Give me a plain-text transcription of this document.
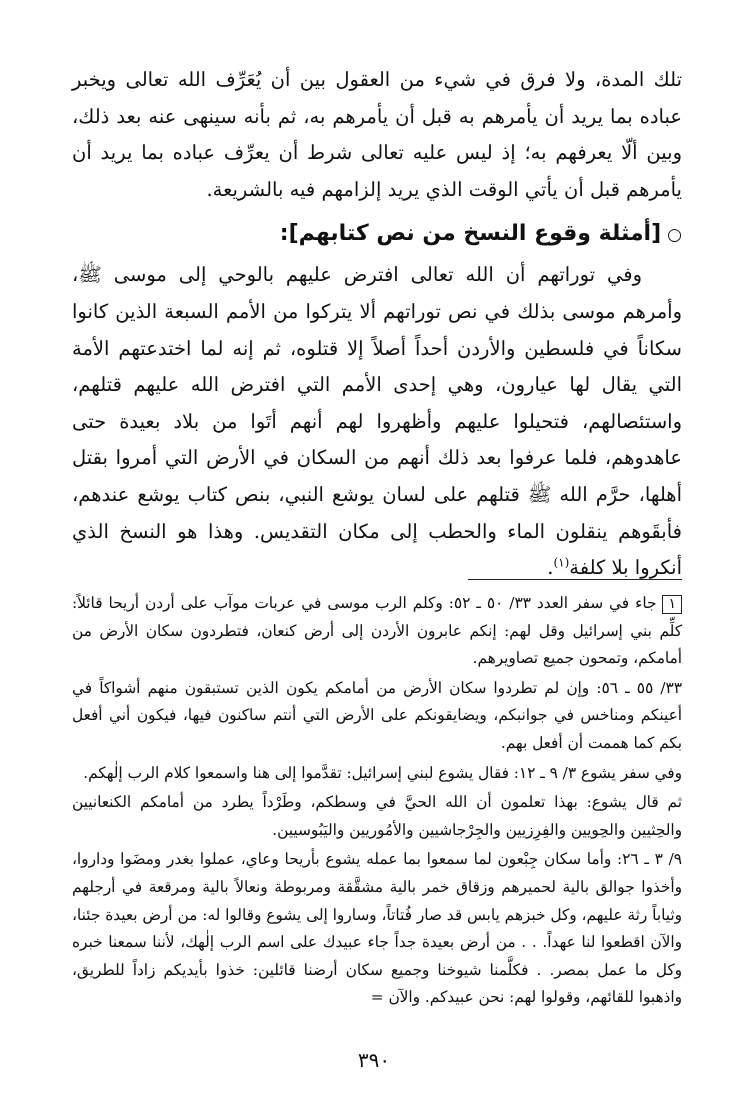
تلك المدة، ولا فرق في شيء من العقول بين أن يُعَرِّف الله تعالى ويخبر عباده بما يريد أن يأمرهم به قبل أن يأمرهم به، ثم بأنه سينهى عنه بعد ذلك، وبين ألّا يعرفهم به؛ إذ ليس عليه تعالى شرط أن يعرِّف عباده بما يريد أن يأمرهم قبل أن يأتي الوقت الذي يريد إلزامهم فيه بالشريعة.

○[أمثلة وقوع النسخ من نص كتابهم]:

وفي توراتهم أن الله تعالى افترض عليهم بالوحي إلى موسى ﷺ، وأمرهم موسى بذلك في نص توراتهم ألا يتركوا من الأمم السبعة الذين كانوا سكاناً في فلسطين والأردن أحداً أصلاً إلا قتلوه، ثم إنه لما اختدعتهم الأمة التي يقال لها عيارون، وهي إحدى الأمم التي افترض الله عليهم قتلهم، واستئصالهم، فتحيلوا عليهم وأظهروا لهم أنهم أتَوا من بلاد بعيدة حتى عاهدوهم، فلما عرفوا بعد ذلك أنهم من السكان في الأرض التي أمروا بقتل أهلها، حرَّم الله ﷺ قتلهم على لسان يوشع النبي، بنص كتاب يوشع عندهم، فأبقَوهم ينقلون الماء والحطب إلى مكان التقديس. وهذا هو النسخ الذي أنكروا بلا كلفة$^{(١)}$.

١جاء في سفر العدد ٣٣/ ٥٠ ـ ٥٢: وكلم الرب موسى في عربات موآب على أردن أريحا قائلاً: كلِّم بني إسرائيل وقل لهم: إنكم عابرون الأردن إلى أرض كنعان، فتطردون سكان الأرض من أمامكم، وتمحون جميع تصاويرهم.

٣٣/ ٥٥ ـ ٥٦: وإن لم تطردوا سكان الأرض من أمامكم يكون الذين تستبقون منهم أشواكاً في أعينكم ومناخس في جوانبكم، ويضايقونكم على الأرض التي أنتم ساكنون فيها، فيكون أني أفعل بكم كما هممت أن أفعل بهم.

وفي سفر يشوع ٣/ ٩ ـ ١٢: فقال يشوع لبني إسرائيل: تقدَّموا إلى هنا واسمعوا كلام الرب إلٰهكم.

ثم قال يشوع: بهذا تعلمون أن الله الحيَّ في وسطكم، وطَرْداً يطرد من أمامكم الكنعانيين والحِثيين والحِويين والفِرِزيين والجِرْجاشيين والأمُوريين واليَبُوسيين.

٩/ ٣ ـ ٢٦: وأما سكان جِبْعون لما سمعوا بما عمله يشوع بأريحا وعاي، عملوا بغدر ومضَوا وداروا، وأخذوا جوالق بالية لحميرهم وزقاق خمر بالية مشقَّقة ومربوطة ونعالاً بالية ومرقعة في أرجلهم وثياباً رثة عليهم، وكل خبزهم يابس قد صار فُتاتاً، وساروا إلى يشوع وقالوا له: من أرض بعيدة جئنا، والآن اقطعوا لنا عهداً. . . من أرض بعيدة جداً جاء عبيدك على اسم الرب إلٰهك، لأننا سمعنا خبره وكل ما عمل بمصر. . فكلَّمنا شيوخنا وجميع سكان أرضنا قائلين: خذوا بأيديكم زاداً للطريق، واذهبوا للقائهم، وقولوا لهم: نحن عبيدكم. والآن =

٣٩٠
